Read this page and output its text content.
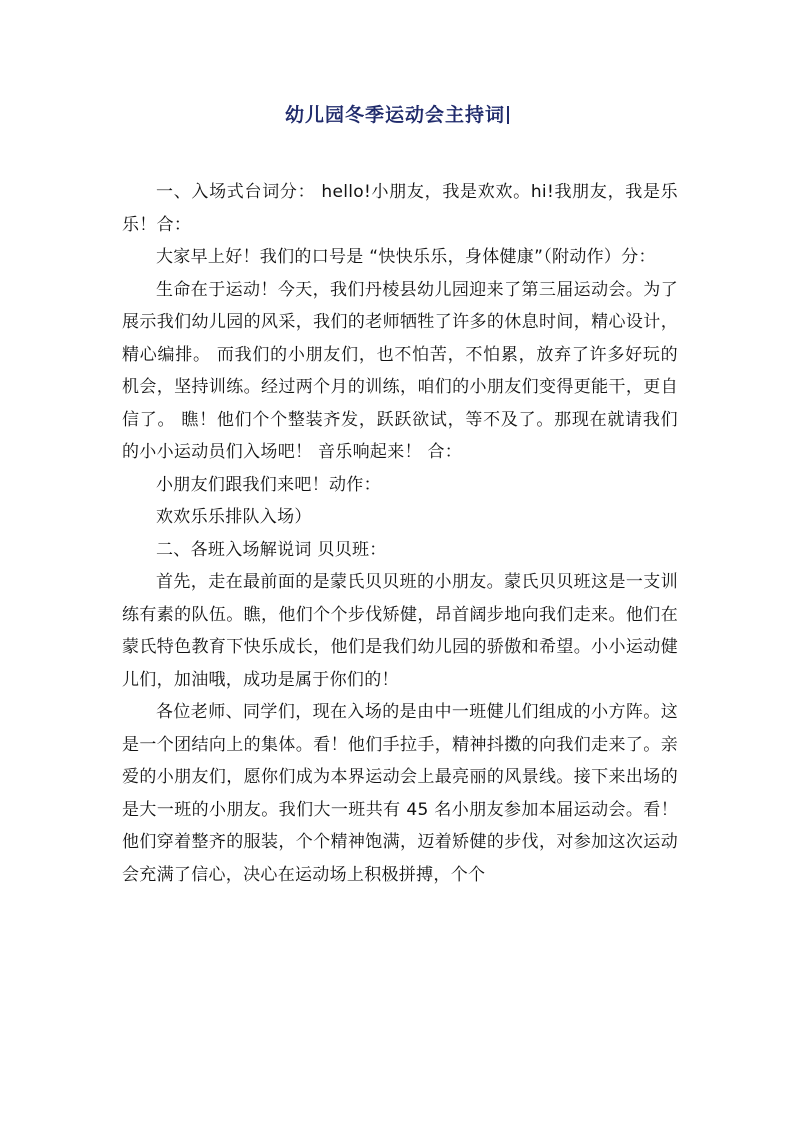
幼儿园冬季运动会主持词

一、入场式台词分： hello!小朋友，我是欢欢。hi!我朋友，我是乐乐！合：

大家早上好！我们的口号是 “快快乐乐，身体健康”（附动作）分：

生命在于运动！今天，我们丹棱县幼儿园迎来了第三届运动会。为了展示我们幼儿园的风采，我们的老师牺牲了许多的休息时间，精心设计，精心编排。 而我们的小朋友们，也不怕苦，不怕累，放弃了许多好玩的机会，坚持训练。经过两个月的训练，咱们的小朋友们变得更能干，更自信了。 瞧！他们个个整装齐发，跃跃欲试，等不及了。那现在就请我们的小小运动员们入场吧！ 音乐响起来！ 合：

小朋友们跟我们来吧！动作：

欢欢乐乐排队入场）

二、各班入场解说词 贝贝班：

首先，走在最前面的是蒙氏贝贝班的小朋友。蒙氏贝贝班这是一支训练有素的队伍。瞧，他们个个步伐矫健，昂首阔步地向我们走来。他们在蒙氏特色教育下快乐成长，他们是我们幼儿园的骄傲和希望。小小运动健儿们，加油哦，成功是属于你们的！

各位老师、同学们，现在入场的是由中一班健儿们组成的小方阵。这是一个团结向上的集体。看！他们手拉手，精神抖擞的向我们走来了。亲爱的小朋友们，愿你们成为本界运动会上最亮丽的风景线。接下来出场的是大一班的小朋友。我们大一班共有 45 名小朋友参加本届运动会。看！他们穿着整齐的服装，个个精神饱满，迈着矫健的步伐，对参加这次运动会充满了信心，决心在运动场上积极拼搏，个个
